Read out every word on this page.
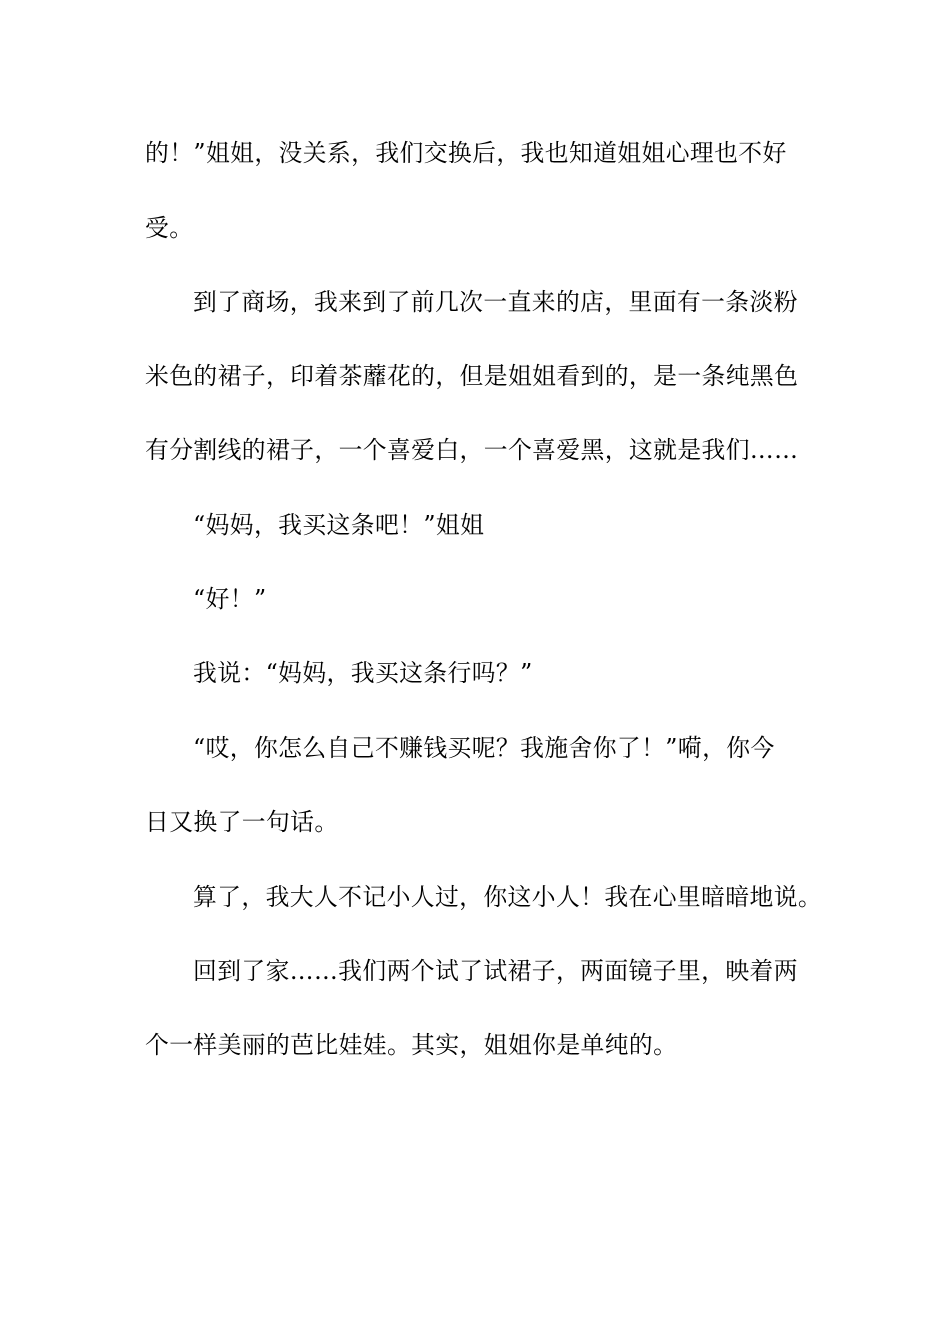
的！”姐姐，没关系，我们交换后，我也知道姐姐心理也不好
受。
到了商场，我来到了前几次一直来的店，里面有一条淡粉
米色的裙子，印着茶蘼花的，但是姐姐看到的，是一条纯黑色
有分割线的裙子，一个喜爱白，一个喜爱黑，这就是我们……
“妈妈，我买这条吧！”姐姐
“好！”
我说：“妈妈，我买这条行吗？”
“哎，你怎么自己不赚钱买呢？我施舍你了！”嗬，你今
日又换了一句话。
算了，我大人不记小人过，你这小人！我在心里暗暗地说。
回到了家……我们两个试了试裙子，两面镜子里，映着两
个一样美丽的芭比娃娃。其实，姐姐你是单纯的。
